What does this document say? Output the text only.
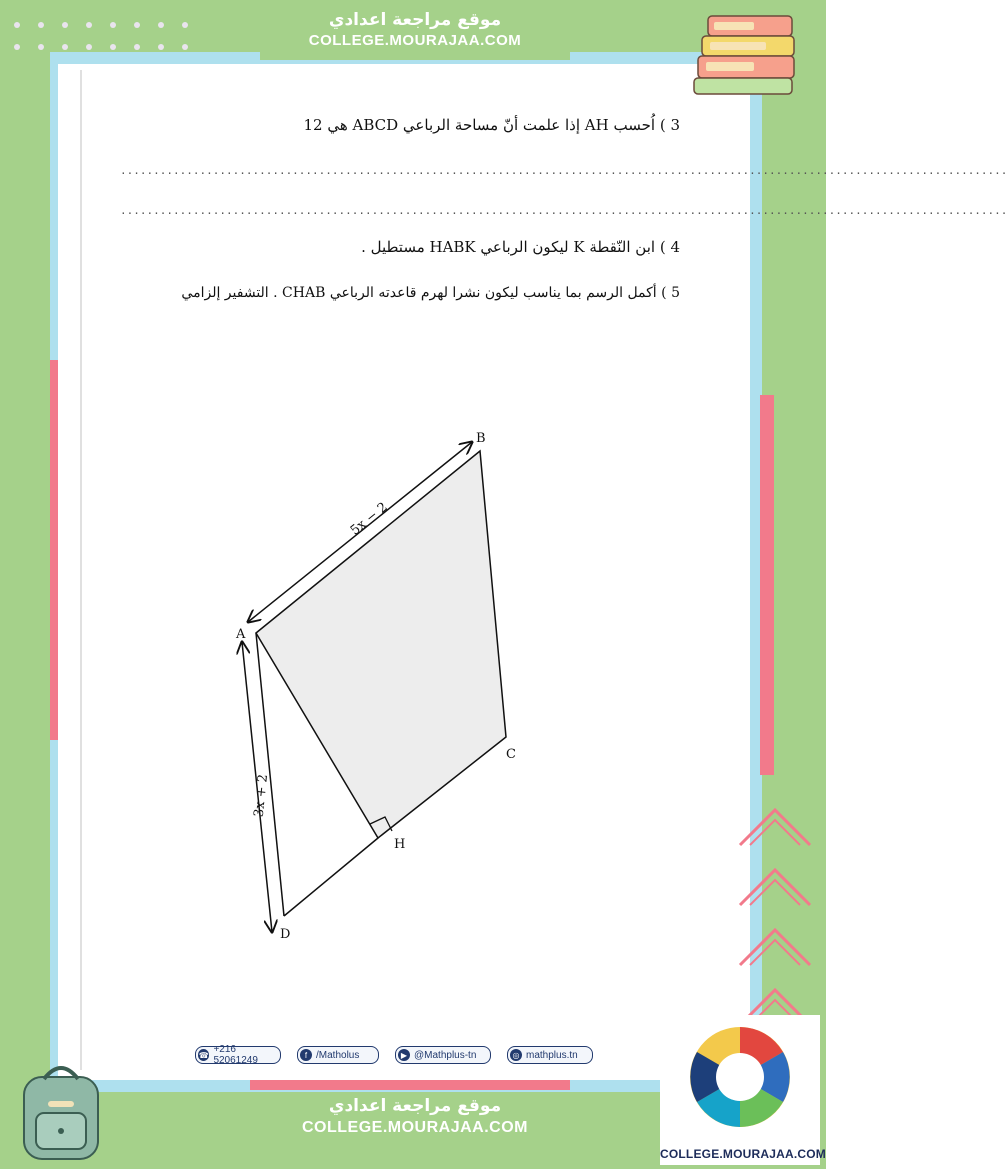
موقع مراجعة اعدادي
COLLEGE.MOURAJAA.COM
3 ) اُحسب AH إذا علمت أنّ مساحة الرباعي ABCD هي 12
......................................................................................................................................
......................................................................................................................................
4 ) ابن النّقطة K ليكون الرباعي HABK مستطيل .
5 ) أكمل الرسم بما يناسب ليكون نشرا لهرم قاعدته الرباعي CHAB . التشفير إلزامي
A
B
C
D
H
5x − 2
3x + 2
☎ +216 52061249	f /Matholus	▶ @Mathplus-tn	◎ mathplus.tn
موقع مراجعة اعدادي
COLLEGE.MOURAJAA.COM
COLLEGE.MOURAJAA.COM
